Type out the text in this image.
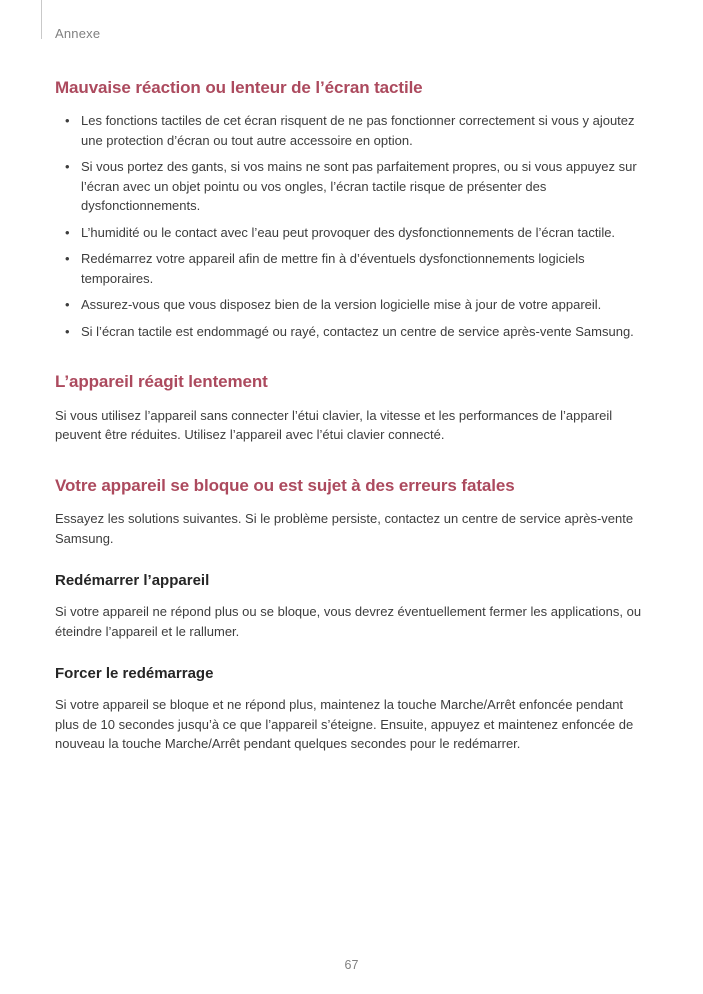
Annexe
Mauvaise réaction ou lenteur de l’écran tactile
• Les fonctions tactiles de cet écran risquent de ne pas fonctionner correctement si vous y ajoutez une protection d’écran ou tout autre accessoire en option.
• Si vous portez des gants, si vos mains ne sont pas parfaitement propres, ou si vous appuyez sur l’écran avec un objet pointu ou vos ongles, l’écran tactile risque de présenter des dysfonctionnements.
• L’humidité ou le contact avec l’eau peut provoquer des dysfonctionnements de l’écran tactile.
• Redémarrez votre appareil afin de mettre fin à d’éventuels dysfonctionnements logiciels temporaires.
• Assurez-vous que vous disposez bien de la version logicielle mise à jour de votre appareil.
• Si l’écran tactile est endommagé ou rayé, contactez un centre de service après-vente Samsung.
L’appareil réagit lentement

Si vous utilisez l’appareil sans connecter l’étui clavier, la vitesse et les performances de l’appareil peuvent être réduites. Utilisez l’appareil avec l’étui clavier connecté.

Votre appareil se bloque ou est sujet à des erreurs fatales

Essayez les solutions suivantes. Si le problème persiste, contactez un centre de service après-vente Samsung.

Redémarrer l’appareil

Si votre appareil ne répond plus ou se bloque, vous devrez éventuellement fermer les applications, ou éteindre l’appareil et le rallumer.

Forcer le redémarrage

Si votre appareil se bloque et ne répond plus, maintenez la touche Marche/Arrêt enfoncée pendant plus de 10 secondes jusqu’à ce que l’appareil s’éteigne. Ensuite, appuyez et maintenez enfoncée de nouveau la touche Marche/Arrêt pendant quelques secondes pour le redémarrer.

67
